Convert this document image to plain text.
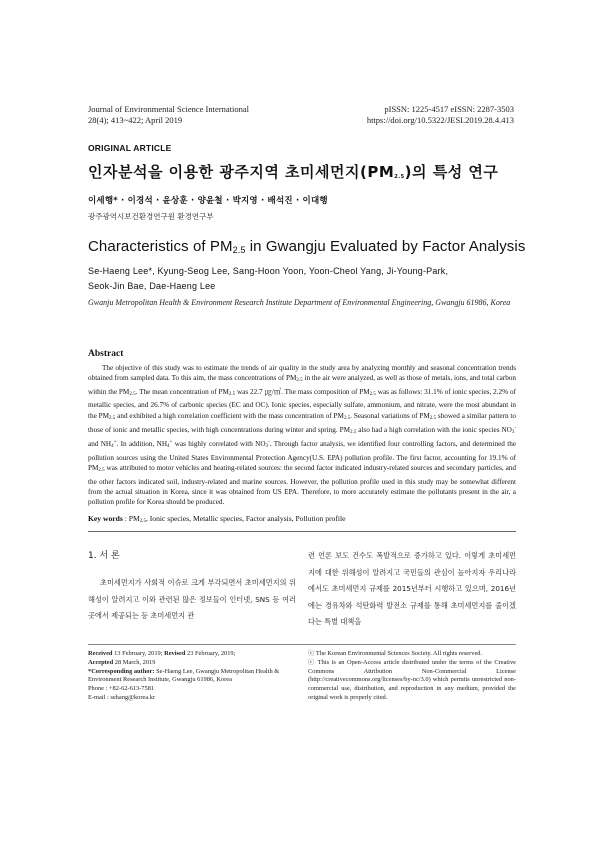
Journal of Environmental Science International
28(4); 413~422; April 2019
pISSN: 1225-4517 eISSN: 2287-3503
https://doi.org/10.5322/JESI.2019.28.4.413
ORIGINAL ARTICLE
인자분석을 이용한 광주지역 초미세먼지$(PM_{2.5})$의 특성 연구
이세행* · 이경석 · 윤상훈 · 양윤철 · 박지영 · 배석진 · 이대행
광주광역시보건환경연구원 환경연구부
Characteristics of $PM_{2.5}$ in Gwangju Evaluated by Factor Analysis
Se-Haeng Lee*, Kyung-Seog Lee, Sang-Hoon Yoon, Yoon-Cheol Yang, Ji-Young-Park,
Seok-Jin Bae, Dae-Haeng Lee
Gwanju Metropolitan Health & Environment Research Institute Department of Environmental Engineering, Gwangju 61986, Korea
Abstract
The objective of this study was to estimate the trends of air quality in the study area by analyzing monthly and seasonal concentration trends obtained from sampled data. To this aim, the mass concentrations of $PM_{2.5}$ in the air were analyzed, as well as those of metals, ions, and total carbon within the $PM_{2.5}$. The mean concentration of $PM_{2.5}$ was 22.7 ㎍/㎥. The mass composition of $PM_{2.5}$ was as follows: 31.1% of ionic species, 2.2% of metallic species, and 26.7% of carbonic species (EC and OC). Ionic species, especially sulfate, ammonium, and nitrate, were the most abundant in the $PM_{2.5}$ and exhibited a high correlation coefficient with the mass concentration of $PM_{2.5}$. Seasonal variations of $PM_{2.5}$ showed a similar pattern to those of ionic and metallic species, with high concentrations during winter and spring. $PM_{2.5}$ also had a high correlation with the ionic species $NO_3^-$ and $NH_4^+$. In addition, $NH_4^+$ was highly correlated with $NO_3^-$. Through factor analysis, we identified four controlling factors, and determined the pollution sources using the United States Environmental Protection Agency(U.S. EPA) pollution profile. The first factor, accounting for 19.1% of $PM_{2.5}$ was attributed to motor vehicles and heating-related sources: the second factor indicated industry-related sources and secondary particles, and the other factors indicated soil, industry-related and marine sources. However, the pollution profile used in this study may be somewhat different from the actual situation in Korea, since it was obtained from US EPA. Therefore, to more accurately estimate the pollutants present in the air, a pollution profile for Korea should be produced.
Key words : $PM_{2.5}$, Ionic species, Metallic species, Factor analysis, Pollution profile
1. 서 론
초미세먼지가 사회적 이슈로 크게 부각되면서 초미세먼지의 위해성이 알려지고 이와 관련된 많은 정보들이 인터넷, SNS 등 여러 곳에서 제공되는 등 초미세먼지 관
련 언론 보도 건수도 폭발적으로 증가하고 있다. 이렇게 초미세먼지에 대한 위해성이 알려지고 국민들의 관심이 높아지자 우리나라에서도 초미세먼지 규제를 2015년부터 시행하고 있으며, 2016년에는 경유차와 석탄화력 발전소 규제를 통해 초미세먼지를 줄이겠다는 특별 대책을
Received 13 February, 2019; Revised 23 February, 2019;
Accepted 28 March, 2019
*Corresponding author: Se-Haeng Lee, Gwangju Metropolitan Health & Environment Research Institute, Gwangju 61986, Korea
Phone : +82-62-613-7581
E-mail : sehang@korea.kr
ⓒ The Korean Environmental Sciences Society. All rights reserved.
ⓒ This is an Open-Access article distributed under the terms of the Creative Commons Attribution Non-Commercial License (http://creativecommons.org/licenses/by-nc/3.0) which permits unrestricted non-commercial use, distribution, and reproduction in any medium, provided the original work is properly cited.
